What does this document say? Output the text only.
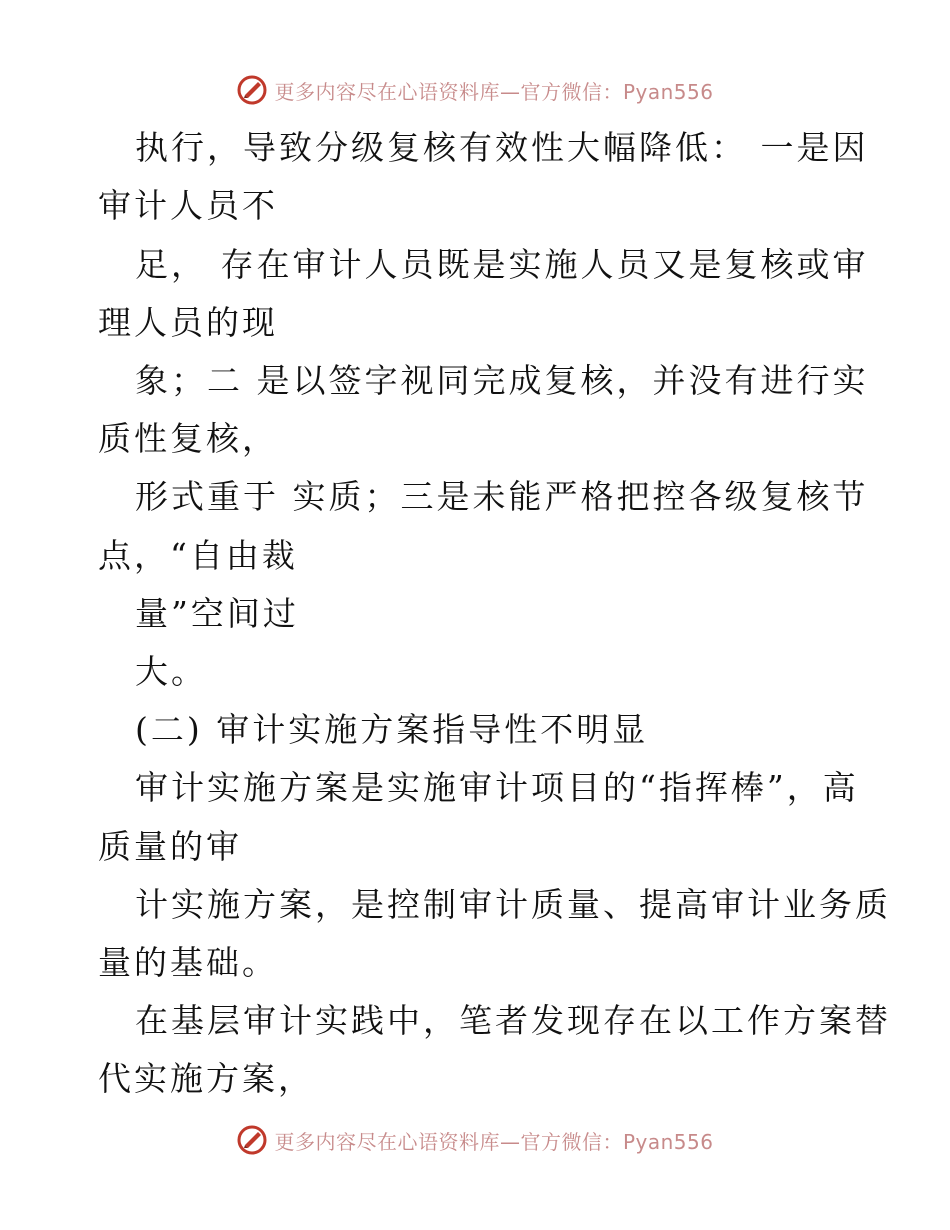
更多内容尽在心语资料库—官方微信：Pyan556
执行，导致分级复核有效性大幅降低： 一是因
审计人员不
足， 存在审计人员既是实施人员又是复核或审
理人员的现
象；二 是以签字视同完成复核，并没有进行实
质性复核，
形式重于 实质；三是未能严格把控各级复核节
点，“自由裁
量”空间过
大。
(二) 审计实施方案指导性不明显
审计实施方案是实施审计项目的“指挥棒”，高
质量的审
计实施方案，是控制审计质量、提高审计业务质
量的基础。
在基层审计实践中，笔者发现存在以工作方案替
代实施方案，
更多内容尽在心语资料库—官方微信：Pyan556
